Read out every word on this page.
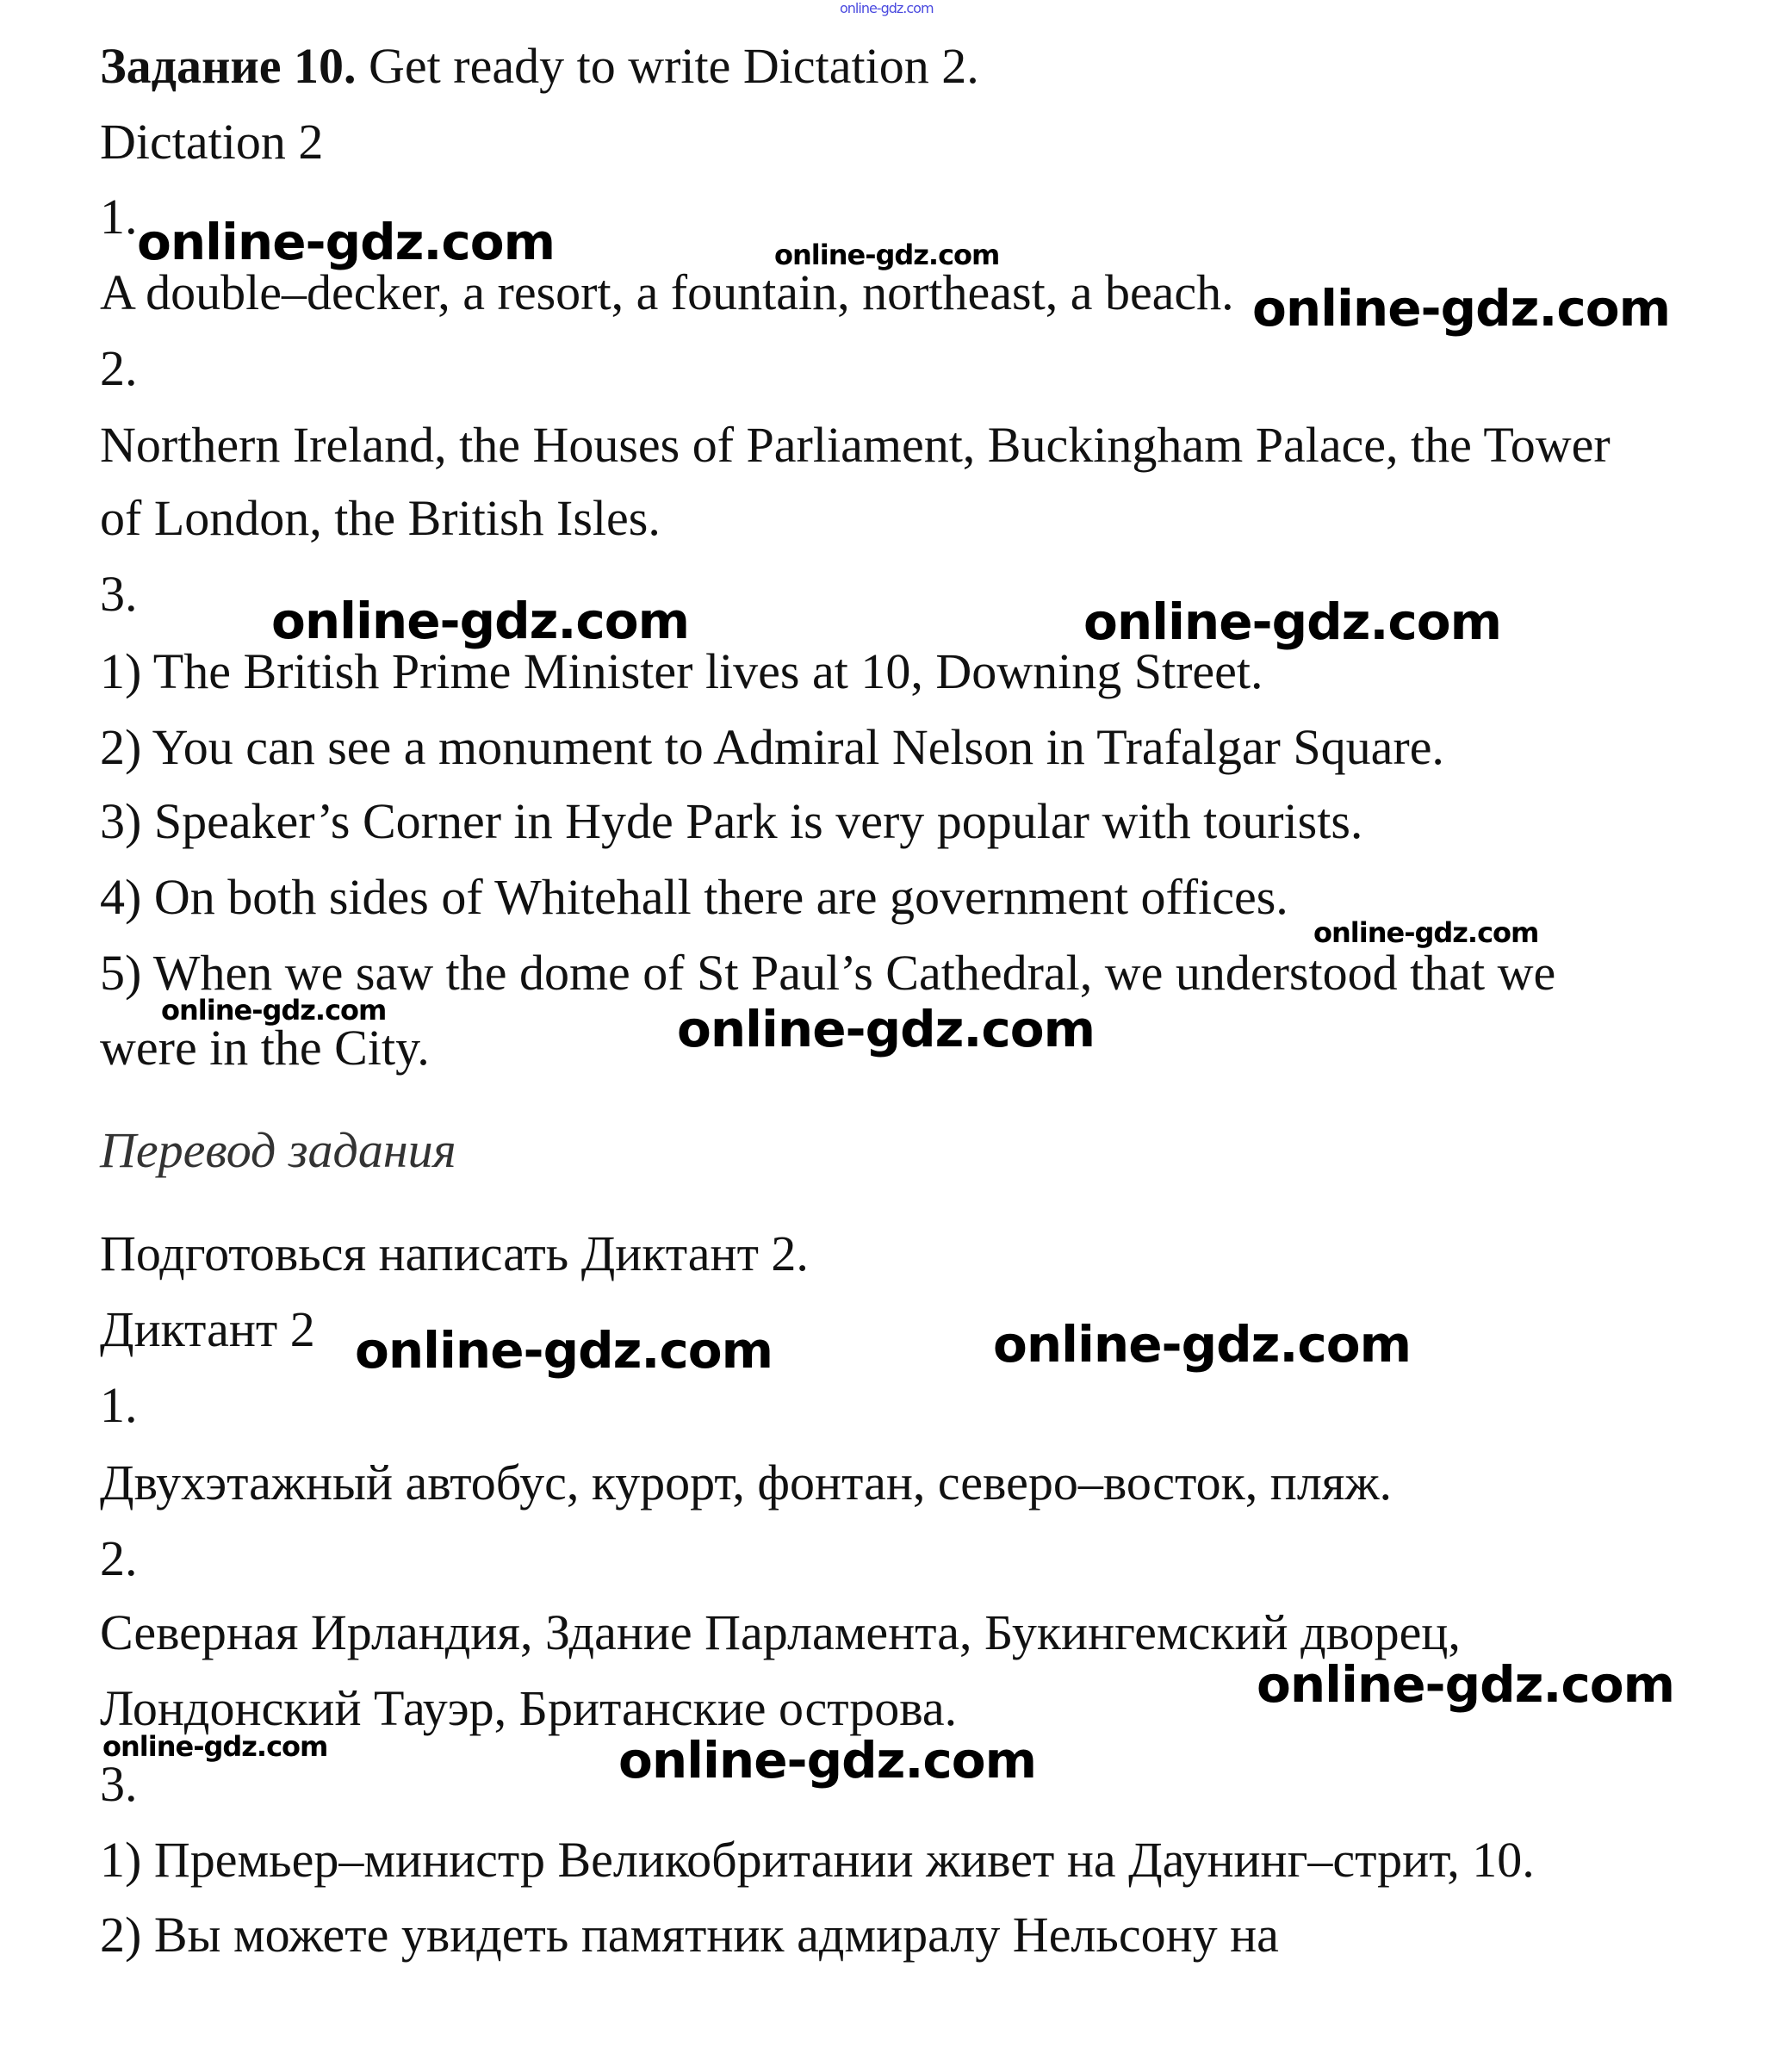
Задание 10. Get ready to write Dictation 2.
Dictation 2
1.
A double–decker, a resort, a fountain, northeast, a beach.
2.
Northern Ireland, the Houses of Parliament, Buckingham Palace, the Tower
of London, the British Isles.
3.
1) The British Prime Minister lives at 10, Downing Street.
2) You can see a monument to Admiral Nelson in Trafalgar Square.
3) Speaker’s Corner in Hyde Park is very popular with tourists.
4) On both sides of Whitehall there are government offices.
5) When we saw the dome of St Paul’s Cathedral, we understood that we
were in the City.
Перевод задания
Подготовься написать Диктант 2.
Диктант 2
1.
Двухэтажный автобус, курорт, фонтан, северо–восток, пляж.
2.
Северная Ирландия, Здание Парламента, Букингемский дворец,
Лондонский Тауэр, Британские острова.
3.
1) Премьер–министр Великобритании живет на Даунинг–стрит, 10.
2) Вы можете увидеть памятник адмиралу Нельсону на
online-gdz.com
online-gdz.com	online-gdz.com
online-gdz.com
online-gdz.com	online-gdz.com
online-gdz.com
online-gdz.com	online-gdz.com
online-gdz.com	online-gdz.com
online-gdz.com
online-gdz.com	online-gdz.com
